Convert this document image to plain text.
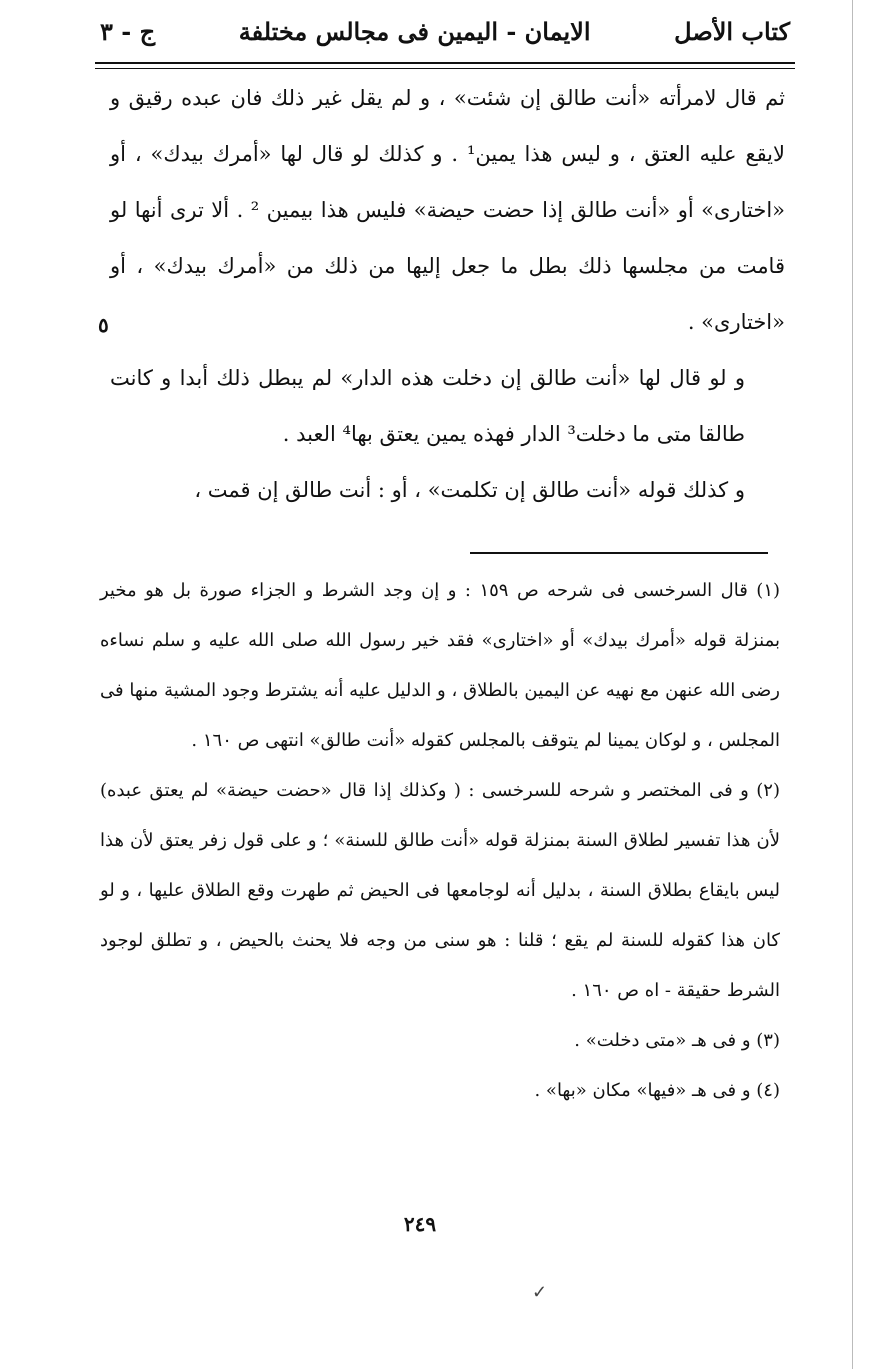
كتاب الأصل
الايمان - اليمين فى مجالس مختلفة
ج - ٣

ثم قال لامرأته «أنت طالق إن شئت» ، و لم يقل غير ذلك فان عبده رقيق و لايقع عليه العتق ، و ليس هذا يمين¹ . و كذلك لو قال لها «أمرك بيدك» ، أو «اختارى» أو «أنت طالق إذا حضت حيضة» فليس هذا بيمين ² . ألا ترى أنها لو قامت من مجلسها ذلك بطل ما جعل إليها من ذلك من «أمرك بيدك» ، أو «اختارى» .

و لو قال لها «أنت طالق إن دخلت هذه الدار» لم يبطل ذلك أبدا و كانت طالقا متى ما دخلت³ الدار فهذه يمين يعتق بها⁴ العبد .

و كذلك قوله «أنت طالق إن تكلمت» ، أو : أنت طالق إن قمت ،

٥

(١) قال السرخسى فى شرحه ص ١٥٩ : و إن وجد الشرط و الجزاء صورة بل هو مخير بمنزلة قوله «أمرك بيدك» أو «اختارى» فقد خير رسول الله صلى الله عليه و سلم نساءه رضى الله عنهن مع نهيه عن اليمين بالطلاق ، و الدليل عليه أنه يشترط وجود المشية منها فى المجلس ، و لوكان يمينا لم يتوقف بالمجلس كقوله «أنت طالق» انتهى ص ١٦٠ .

(٢) و فى المختصر و شرحه للسرخسى : ( وكذلك إذا قال «حضت حيضة» لم يعتق عبده) لأن هذا تفسير لطلاق السنة بمنزلة قوله «أنت طالق للسنة» ؛ و على قول زفر يعتق لأن هذا ليس بايقاع بطلاق السنة ، بدليل أنه لوجامعها فى الحيض ثم طهرت وقع الطلاق عليها ، و لو كان هذا كقوله للسنة لم يقع ؛ قلنا : هو سنى من وجه فلا يحنث بالحيض ، و تطلق لوجود الشرط حقيقة - اه ص ١٦٠ .

(٣) و فى هـ «متى دخلت» .

(٤) و فى هـ «فيها» مكان «بها» .

٢٤٩
✓
